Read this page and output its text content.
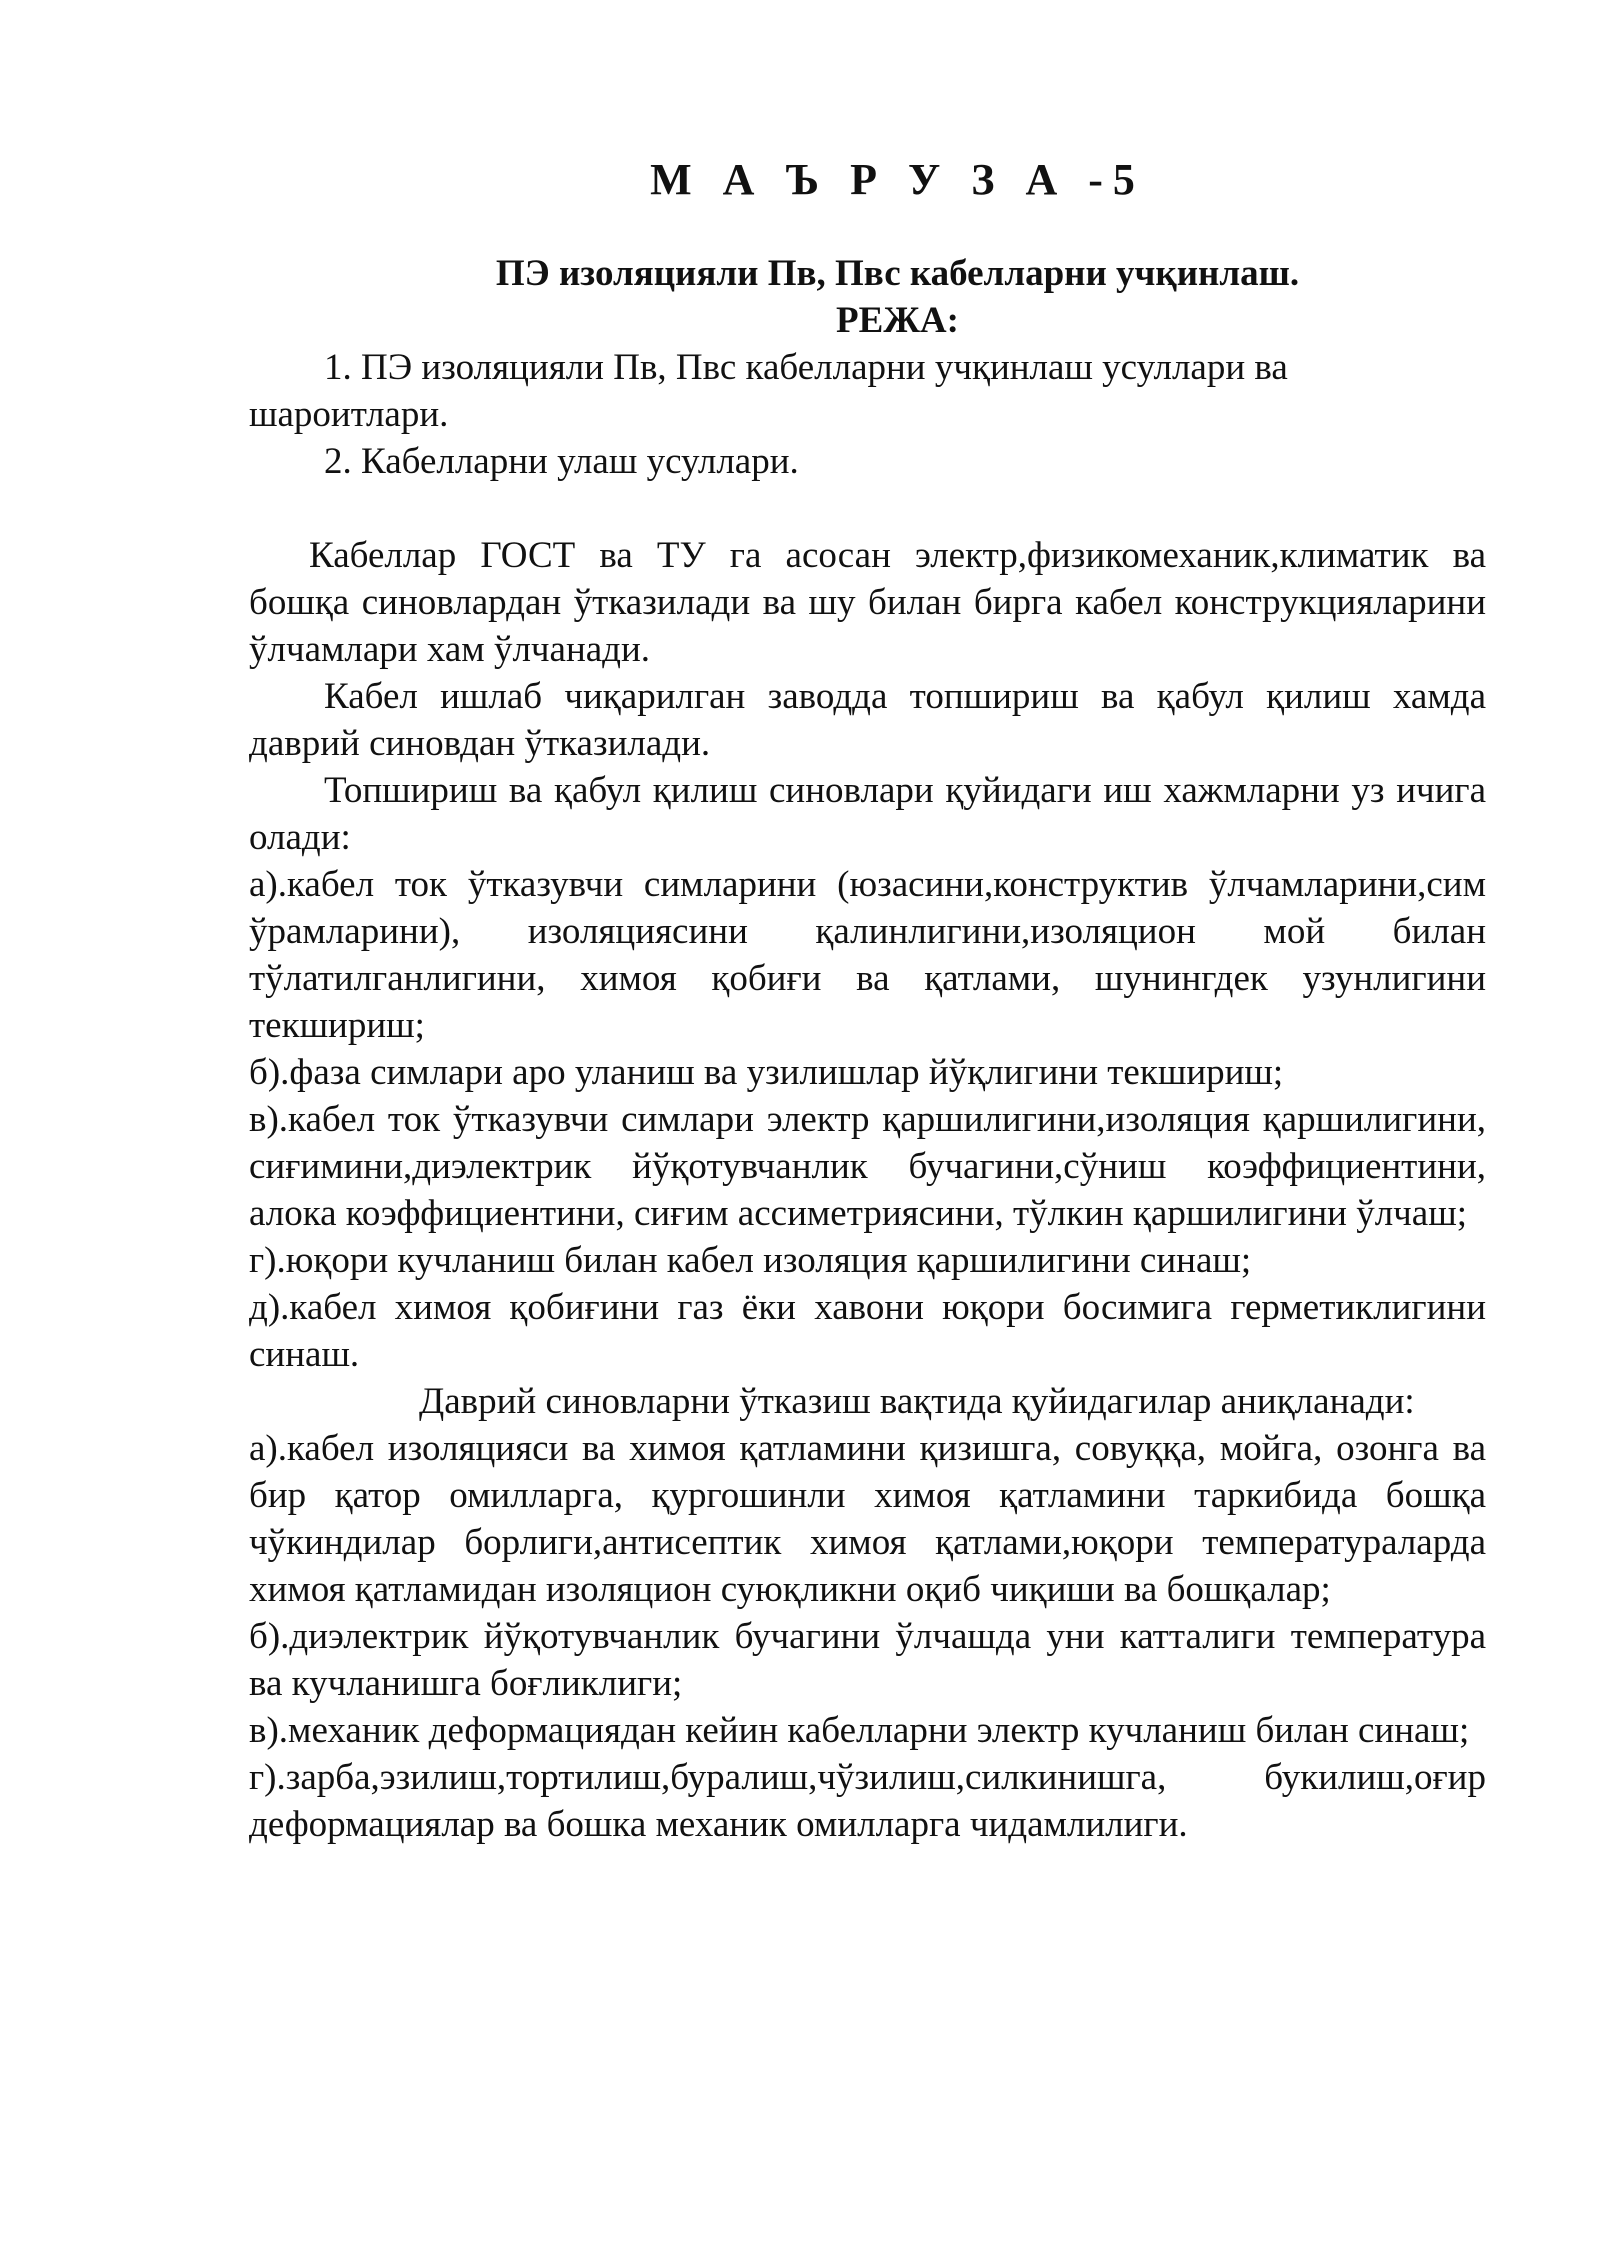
М А Ъ Р У З А -5

ПЭ изоляцияли Пв, Пвс кабелларни учқинлаш.

РЕЖА:

1. ПЭ изоляцияли Пв, Пвс кабелларни учқинлаш усуллари ва шароитлари.

2. Кабелларни улаш усуллари.

Кабеллар ГОСТ ва ТУ га асосан электр,физикомеханик,климатик ва бошқа синовлардан ўтказилади ва шу билан бирга кабел конструкцияларини ўлчамлари хам ўлчанади.

Кабел ишлаб чиқарилган заводда топшириш ва қабул қилиш хамда даврий синовдан ўтказилади.

Топшириш ва қабул қилиш синовлари қуйидаги иш хажмларни уз ичига олади:

а).кабел ток ўтказувчи симларини (юзасини,конструктив ўлчамларини,сим ўрамларини), изоляциясини қалинлигини,изоляцион мой билан тўлатилганлигини, химоя қобиғи ва қатлами, шунингдек узунлигини текшириш;

б).фаза симлари аро уланиш ва узилишлар йўқлигини текшириш;

в).кабел ток ўтказувчи симлари электр қаршилигини,изоляция қаршилигини, сиғимини,диэлектрик йўқотувчанлик бучагини,сўниш коэффициентини, алока коэффициентини, сиғим ассиметриясини, тўлкин қаршилигини ўлчаш;

г).юқори кучланиш билан кабел изоляция қаршилигини синаш;

д).кабел химоя қобиғини газ ёки хавони юқори босимига герметиклигини синаш.

Даврий синовларни ўтказиш вақтида қуйидагилар аниқланади:

а).кабел изоляцияси ва химоя қатламини қизишга, совуққа, мойга, озонга ва бир қатор омилларга, қургошинли химоя қатламини таркибида бошқа чўкиндилар борлиги,антисептик химоя қатлами,юқори температураларда химоя қатламидан изоляцион суюқликни оқиб чиқиши ва бошқалар;

б).диэлектрик йўқотувчанлик бучагини ўлчашда уни катталиги температура ва кучланишга боғликлиги;

в).механик деформациядан кейин кабелларни электр кучланиш билан синаш;

г).зарба,эзилиш,тортилиш,буралиш,чўзилиш,силкинишга, букилиш,оғир деформациялар ва бошка механик омилларга чидамлилиги.
